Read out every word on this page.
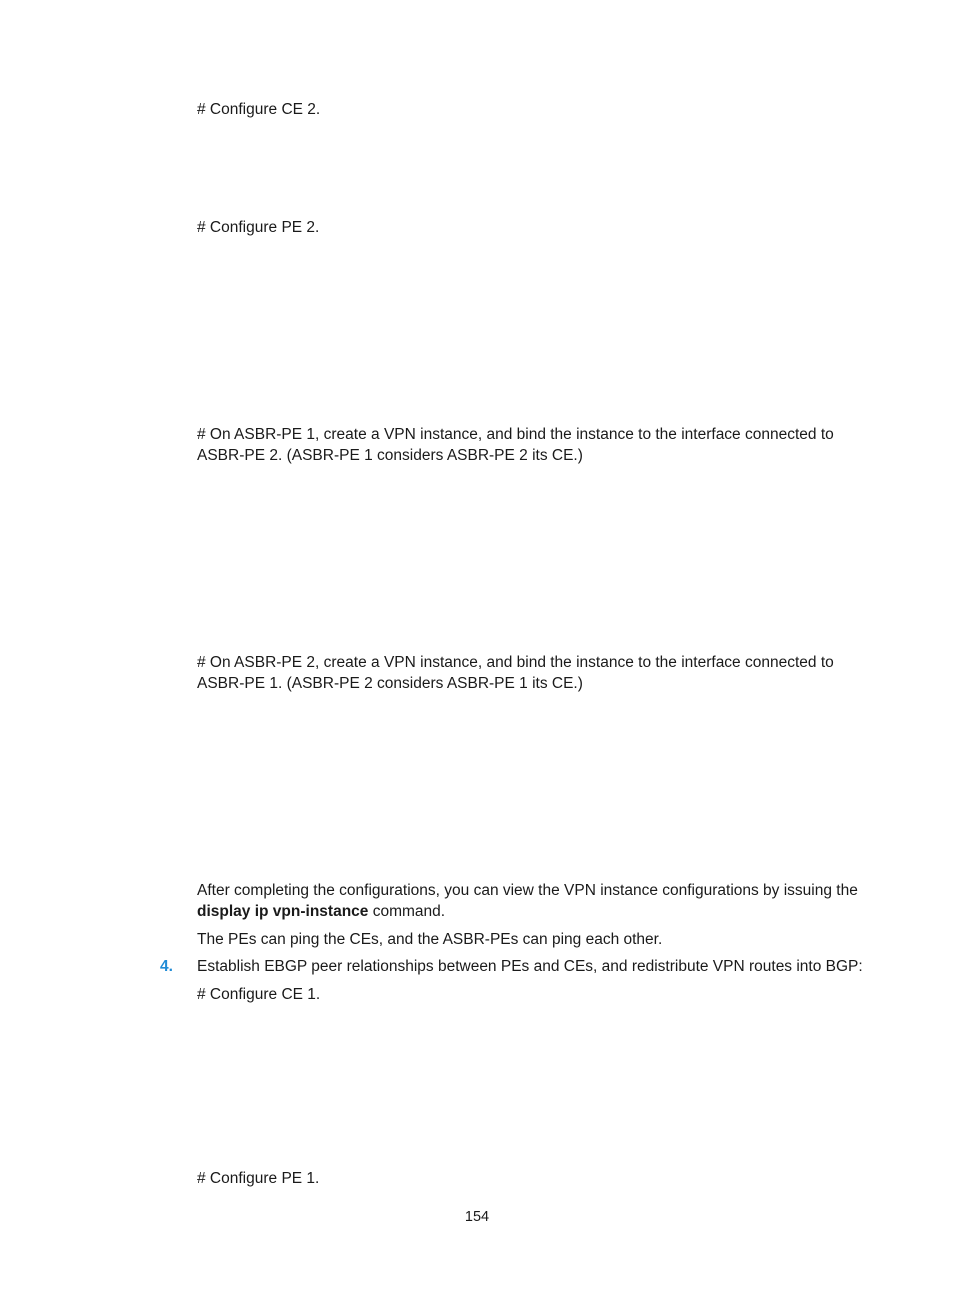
# Configure CE 2.

# Configure PE 2.

# On ASBR-PE 1, create a VPN instance, and bind the instance to the interface connected to
ASBR-PE 2. (ASBR-PE 1 considers ASBR-PE 2 its CE.)
# On ASBR-PE 2, create a VPN instance, and bind the instance to the interface connected to
ASBR-PE 1. (ASBR-PE 2 considers ASBR-PE 1 its CE.)
After completing the configurations, you can view the VPN instance configurations by issuing the
display ip vpn-instance command.

The PEs can ping the CEs, and the ASBR-PEs can ping each other.

4. Establish EBGP peer relationships between PEs and CEs, and redistribute VPN routes into BGP:

# Configure CE 1.

# Configure PE 1.

154
